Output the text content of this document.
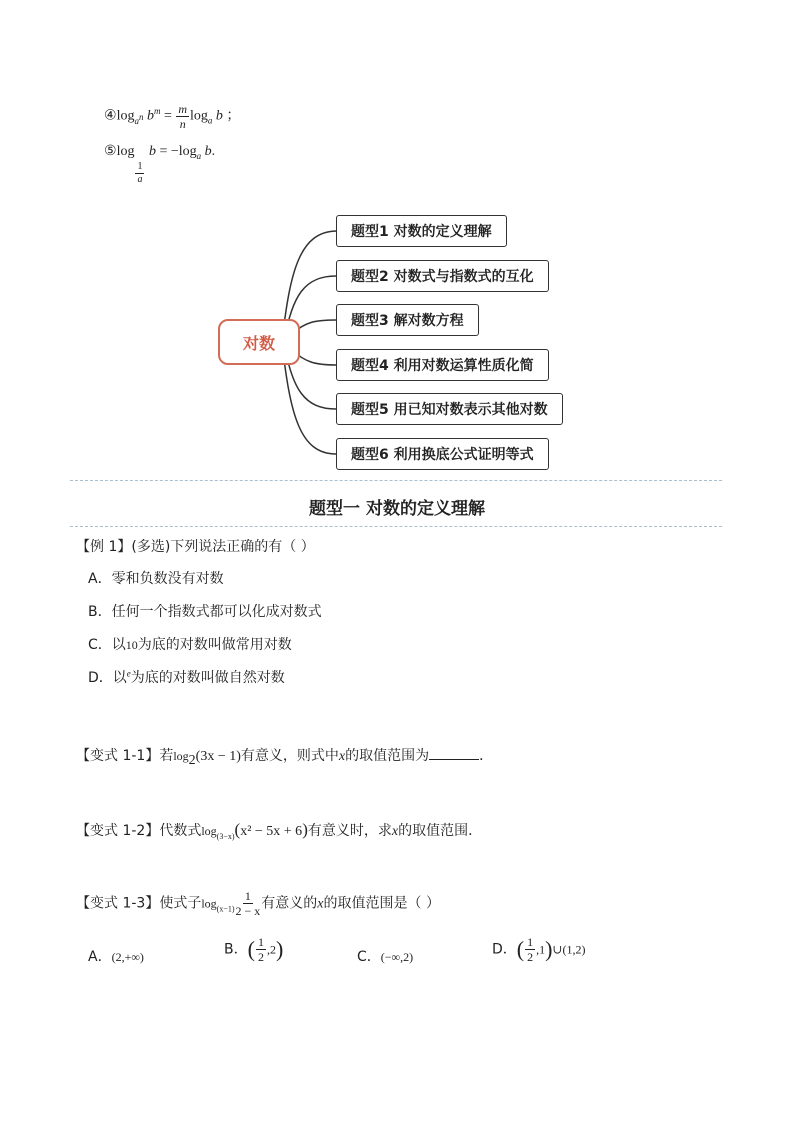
$④\log_{a^n}$ $b^m = \frac{m}{n} \log_a b$ ；
⑤log
$\frac{1}{a}$
$b = -\log_a$ b.
对数
题型1 对数的定义理解
题型2 对数式与指数式的互化
题型3 解对数方程
题型4 利用对数运算性质化简
题型5 用已知对数表示其他对数
题型6 利用换底公式证明等式
题型一 对数的定义理解
【例 1】(多选)下列说法正确的有（ ）
A．零和负数没有对数
B．任何一个指数式都可以化成对数式
C．以10为底的对数叫做常用对数
D．以$^e$为底的对数叫做自然对数
【变式 1-1】若$\log_2(3x - 1)$有意义，则式中x的取值范围为	．
【变式 1-2】代数式$\log_{(3-x)}(x^2 - 5x + 6)$有意义时，求x的取值范围．
【变式 1-3】使式子$\log_{(x-1)} \frac{1}{2 - x}$ 有意义的x的取值范围是（ ）
A．(2,+∞)	B．( $\frac{1}{2} ,2$)	C．(−∞,2)	D．( $\frac{1}{2}$ ,1)∪(1,2)
